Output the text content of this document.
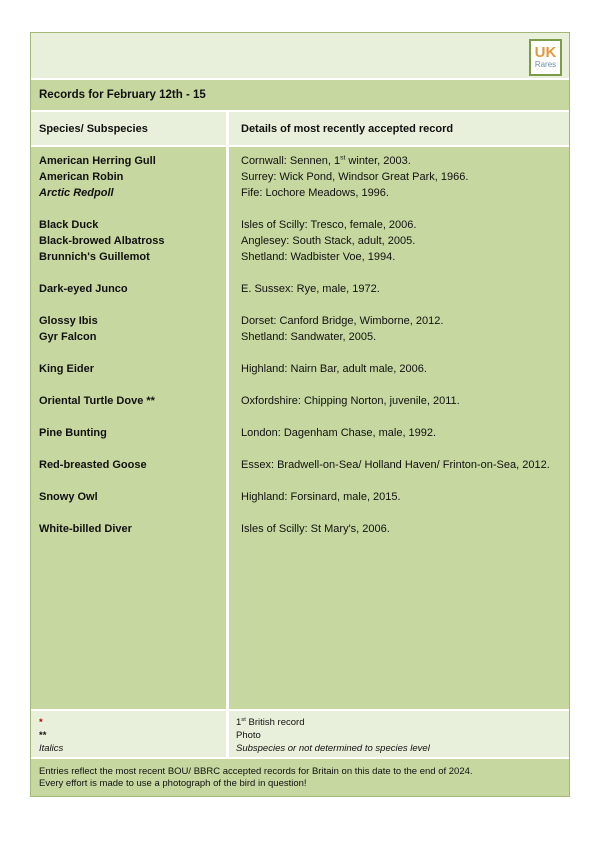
UK
Rares
Records for February 12th - 15
Species/ Subspecies	Details of most recently accepted record
American Herring Gull	Cornwall: Sennen, 1st winter, 2003.
American Robin	Surrey: Wick Pond, Windsor Great Park, 1966.
Arctic Redpoll	Fife: Lochore Meadows, 1996.
Black Duck	Isles of Scilly: Tresco, female, 2006.
Black-browed Albatross	Anglesey: South Stack, adult, 2005.
Brunnich's Guillemot	Shetland: Wadbister Voe, 1994.
Dark-eyed Junco	E. Sussex: Rye, male, 1972.
Glossy Ibis	Dorset: Canford Bridge, Wimborne, 2012.
Gyr Falcon	Shetland: Sandwater, 2005.
King Eider	Highland: Nairn Bar, adult male, 2006.
Oriental Turtle Dove **	Oxfordshire: Chipping Norton, juvenile, 2011.
Pine Bunting	London: Dagenham Chase, male, 1992.
Red-breasted Goose	Essex: Bradwell-on-Sea/ Holland Haven/ Frinton-on-Sea, 2012.
Snowy Owl	Highland: Forsinard, male, 2015.
White-billed Diver	Isles of Scilly: St Mary's, 2006.
*	1st British record
**	Photo
Italics	Subspecies or not determined to species level
Entries reflect the most recent BOU/ BBRC accepted records for Britain on this date to the end of 2024.
Every effort is made to use a photograph of the bird in question!
